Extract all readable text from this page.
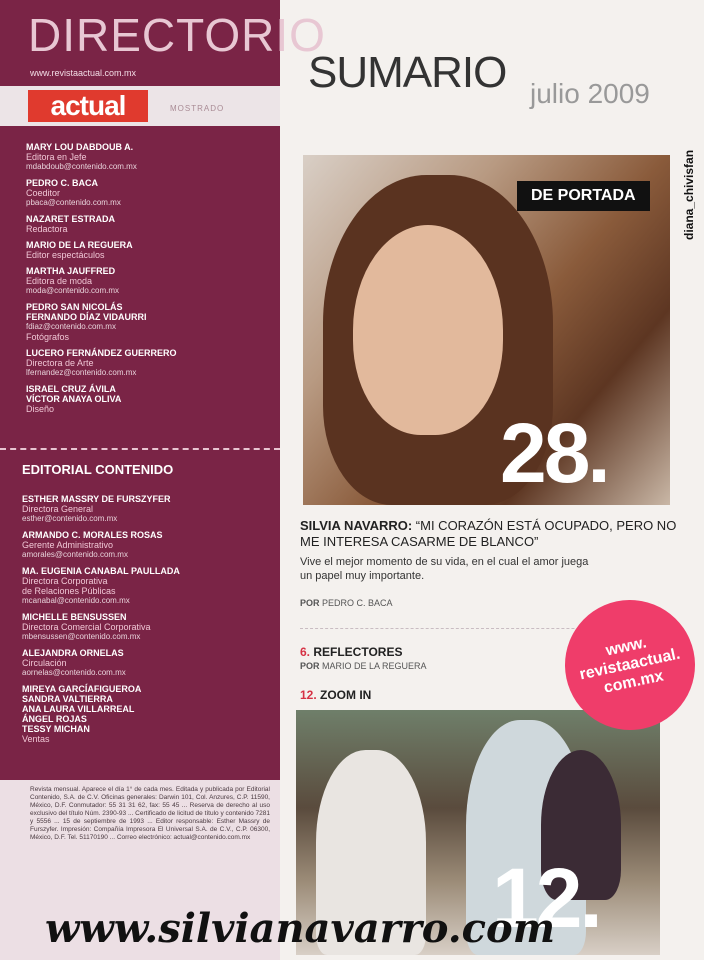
DIRECTORIO
www.revistaactual.com.mx
actual	MOSTRADO
MARY LOU DABDOUB A.
Editora en Jefe
mdabdoub@contenido.com.mx
PEDRO C. BACA
Coeditor
pbaca@contenido.com.mx
NAZARET ESTRADA
Redactora
MARIO DE LA REGUERA
Editor espectáculos
MARTHA JAUFFRED
Editora de moda
moda@contenido.com.mx
PEDRO SAN NICOLÁS
FERNANDO DÍAZ VIDAURRI
fdiaz@contenido.com.mx
Fotógrafos
LUCERO FERNÁNDEZ GUERRERO
Directora de Arte
lfernandez@contenido.com.mx
ISRAEL CRUZ ÁVILA
VÍCTOR ANAYA OLIVA
Diseño
EDITORIAL CONTENIDO
ESTHER MASSRY DE FURSZYFER
Directora General
esther@contenido.com.mx
ARMANDO C. MORALES ROSAS
Gerente Administrativo
amorales@contenido.com.mx
MA. EUGENIA CANABAL PAULLADA
Directora Corporativa
de Relaciones Públicas
mcanabal@contenido.com.mx
MICHELLE BENSUSSEN
Directora Comercial Corporativa
mbensussen@contenido.com.mx
ALEJANDRA ORNELAS
Circulación
aornelas@contenido.com.mx
MIREYA GARCÍAFIGUEROA
SANDRA VALTIERRA
ANA LAURA VILLARREAL
ÁNGEL ROJAS
TESSY MICHAN
Ventas
Revista mensual. Aparece el día 1° de cada mes. Editada y publicada por Editorial Contenido, S.A. de C.V. Oficinas generales: Darwin 101, Col. Anzures, C.P. 11590, México, D.F. Conmutador: 55 31 31 62, fax: 55 45 ... Reserva de derecho al uso exclusivo del título Núm. 2390-93 ... Certificado de licitud de título y contenido 7281 y 5556 ... 15 de septiembre de 1993 ... Editor responsable: Esther Massry de Furszyfer. Impresión: Compañía Impresora El Universal S.A. de C.V., C.P. 06300, México, D.F. Tel. 51170190 ... Correo electrónico: actual@contenido.com.mx
SUMARIO julio 2009
DE PORTADA
28.
diana_chivisfan
SILVIA NAVARRO: “MI CORAZÓN ESTÁ OCUPADO, PERO NO ME INTERESA CASARME DE BLANCO”
Vive el mejor momento de su vida, en el cual el amor juega un papel muy importante.
POR PEDRO C. BACA
6. REFLECTORES
POR MARIO DE LA REGUERA
12. ZOOM IN
www.
revistaactual.
com.mx
12.
www.silvianavarro.com
